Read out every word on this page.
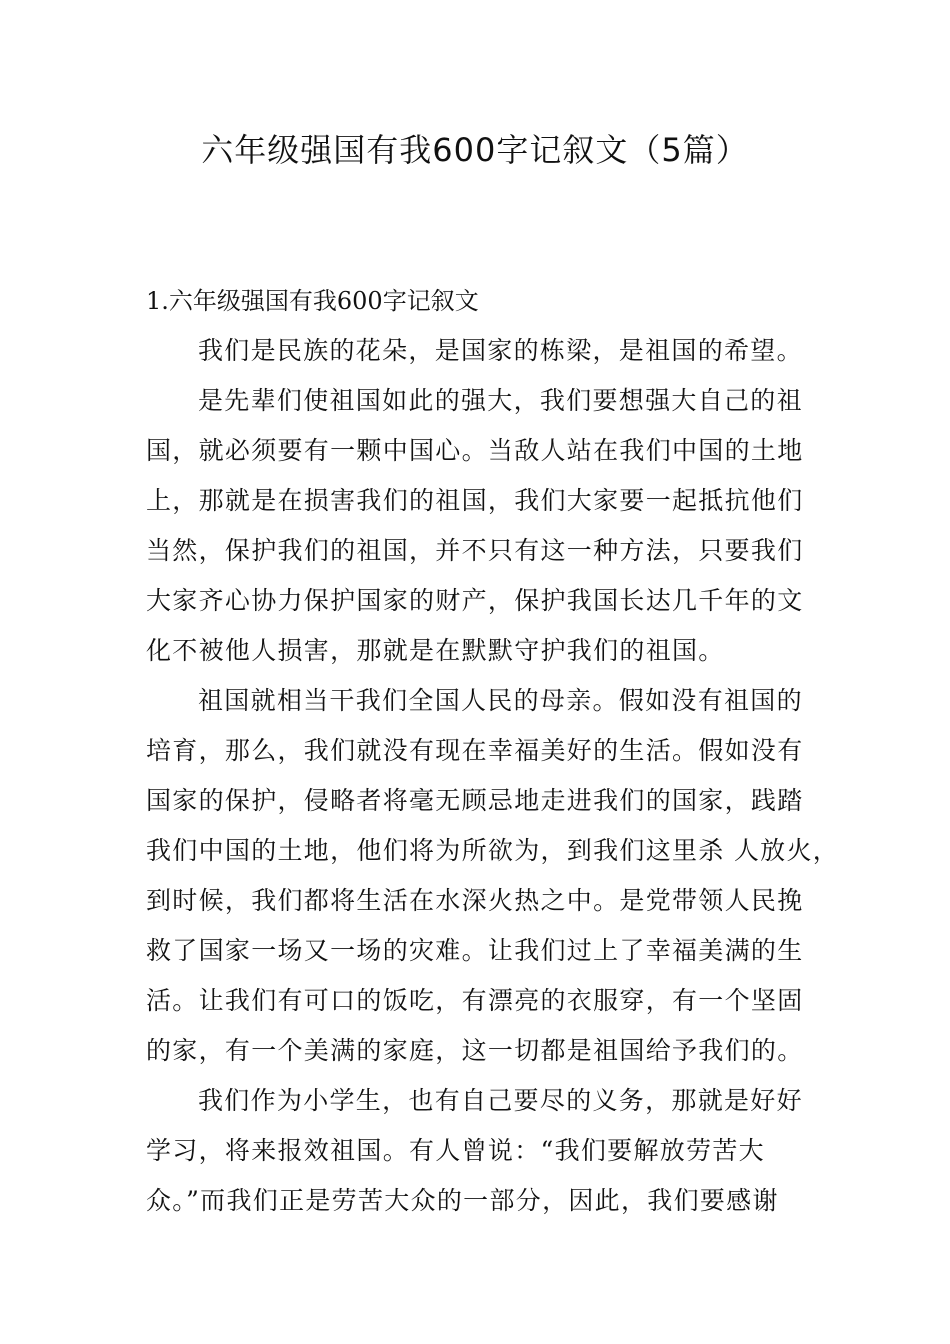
六年级强国有我600字记叙文（5篇）
1.六年级强国有我600字记叙文
我们是民族的花朵，是国家的栋梁，是祖国的希望。
是先辈们使祖国如此的强大，我们要想强大自己的祖
国，就必须要有一颗中国心。当敌人站在我们中国的土地
上，那就是在损害我们的祖国，我们大家要一起抵抗他们
当然，保护我们的祖国，并不只有这一种方法，只要我们
大家齐心协力保护国家的财产，保护我国长达几千年的文
化不被他人损害，那就是在默默守护我们的祖国。
祖国就相当干我们全国人民的母亲。假如没有祖国的
培育，那么，我们就没有现在幸福美好的生活。假如没有
国家的保护，侵略者将毫无顾忌地走进我们的国家，践踏
我们中国的土地，他们将为所欲为，到我们这里杀 人放火，
到时候，我们都将生活在水深火热之中。是党带领人民挽
救了国家一场又一场的灾难。让我们过上了幸福美满的生
活。让我们有可口的饭吃，有漂亮的衣服穿，有一个坚固
的家，有一个美满的家庭，这一切都是祖国给予我们的。
我们作为小学生，也有自己要尽的义务，那就是好好
学习，将来报效祖国。有人曾说：“我们要解放劳苦大
众。”而我们正是劳苦大众的一部分，因此，我们要感谢
